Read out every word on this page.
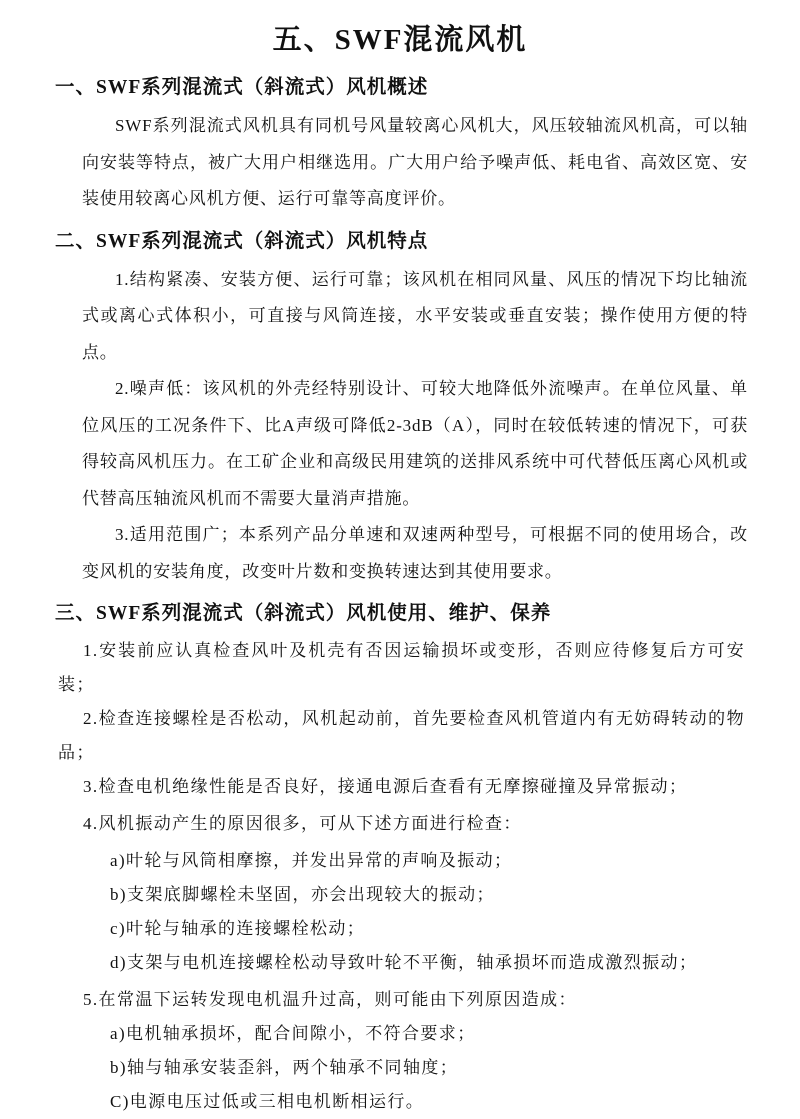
五、SWF混流风机
一、SWF系列混流式（斜流式）风机概述

SWF系列混流式风机具有同机号风量较离心风机大，风压较轴流风机高，可以轴向安装等特点，被广大用户相继选用。广大用户给予噪声低、耗电省、高效区宽、安装使用较离心风机方便、运行可靠等高度评价。

二、SWF系列混流式（斜流式）风机特点

1.结构紧凑、安装方便、运行可靠；该风机在相同风量、风压的情况下均比轴流式或离心式体积小，可直接与风筒连接，水平安装或垂直安装；操作使用方便的特点。

2.噪声低：该风机的外壳经特别设计、可较大地降低外流噪声。在单位风量、单位风压的工况条件下、比A声级可降低2-3dB（A），同时在较低转速的情况下，可获得较高风机压力。在工矿企业和高级民用建筑的送排风系统中可代替低压离心风机或代替高压轴流风机而不需要大量消声措施。

3.适用范围广；本系列产品分单速和双速两种型号，可根据不同的使用场合，改变风机的安装角度，改变叶片数和变换转速达到其使用要求。

三、SWF系列混流式（斜流式）风机使用、维护、保养

1.安装前应认真检查风叶及机壳有否因运输损坏或变形，否则应待修复后方可安装；

2.检查连接螺栓是否松动，风机起动前，首先要检查风机管道内有无妨碍转动的物品；

3.检查电机绝缘性能是否良好，接通电源后查看有无摩擦碰撞及异常振动；

4.风机振动产生的原因很多，可从下述方面进行检查：

a)叶轮与风筒相摩擦，并发出异常的声响及振动；

b)支架底脚螺栓未坚固，亦会出现较大的振动；

c)叶轮与轴承的连接螺栓松动；

d)支架与电机连接螺栓松动导致叶轮不平衡，轴承损坏而造成激烈振动；

5.在常温下运转发现电机温升过高，则可能由下列原因造成：

a)电机轴承损坏，配合间隙小，不符合要求；

b)轴与轴承安装歪斜，两个轴承不同轴度；

C)电源电压过低或三相电机断相运行。
